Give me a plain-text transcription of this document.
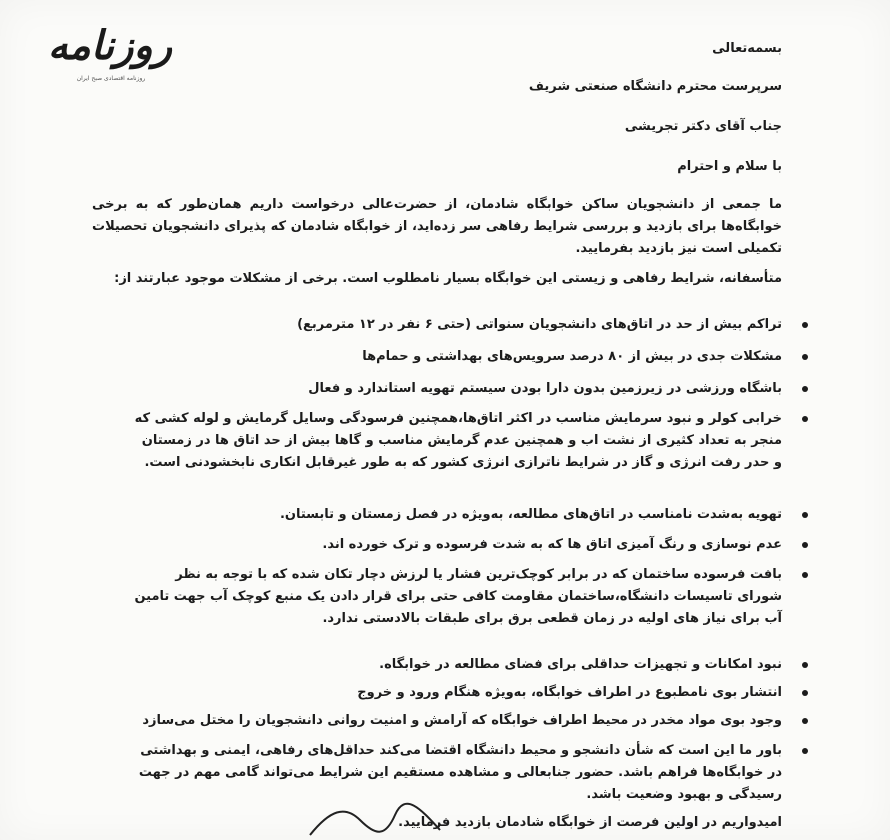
روزنامه
روزنامه اقتصادی صبح ایران
بسمه‌تعالی
سرپرست محترم دانشگاه صنعتی شریف
جناب آقای دکتر تجریشی
با سلام و احترام
ما جمعی از دانشجویان ساکن خوابگاه شادمان، از حضرت‌عالی درخواست داریم همان‌طور که به برخی خوابگاه‌ها برای بازدید و بررسی شرایط رفاهی سر زده‌اید، از خوابگاه شادمان که پذیرای دانشجویان تحصیلات تکمیلی است نیز بازدید بفرمایید.
متأسفانه، شرایط رفاهی و زیستی این خوابگاه بسیار نامطلوب است. برخی از مشکلات موجود عبارتند از:
تراکم بیش از حد در اتاق‌های دانشجویان سنواتی (حتی ۶ نفر در ۱۲ مترمربع)
مشکلات جدی در بیش از ۸۰ درصد سرویس‌های بهداشتی و حمام‌ها
باشگاه ورزشی در زیرزمین بدون دارا بودن سیستم تهویه استاندارد و فعال
خرابی کولر و نبود سرمایش مناسب در اکثر اتاق‌ها،همچنین فرسودگی وسایل گرمایش و لوله کشی که منجر به تعداد کثیری از نشت اب و همچنین عدم گرمایش مناسب و گاها بیش از حد اتاق ها در زمستان و حدر رفت انرژی و گاز در شرایط ناترازی انرژی کشور که به طور غیرقابل انکاری نابخشودنی است.
تهویه به‌شدت نامناسب در اتاق‌های مطالعه، به‌ویژه در فصل زمستان و تابستان.
عدم نوسازی و رنگ آمیزی اتاق ها که به شدت فرسوده و ترک خورده اند.
بافت فرسوده ساختمان که در برابر کوچک‌ترین فشار یا لرزش دچار تکان شده که با توجه به نظر شورای تاسیسات دانشگاه،ساختمان مقاومت کافی حتی برای قرار دادن یک منبع کوچک آب جهت تامین آب برای نیاز های اولیه در زمان قطعی برق برای طبقات بالادستی ندارد.
نبود امکانات و تجهیزات حداقلی برای فضای مطالعه در خوابگاه.
انتشار بوی نامطبوع در اطراف خوابگاه، به‌ویژه هنگام ورود و خروج
وجود بوی مواد مخدر در محیط اطراف خوابگاه که آرامش و امنیت روانی دانشجویان را مختل می‌سازد
باور ما این است که شأن دانشجو و محیط دانشگاه اقتضا می‌کند حداقل‌های رفاهی، ایمنی و بهداشتی در خوابگاه‌ها فراهم باشد. حضور جنابعالی و مشاهده مستقیم این شرایط می‌تواند گامی مهم در جهت رسیدگی و بهبود وضعیت باشد.
امیدواریم در اولین فرصت از خوابگاه شادمان بازدید فرمایید.
